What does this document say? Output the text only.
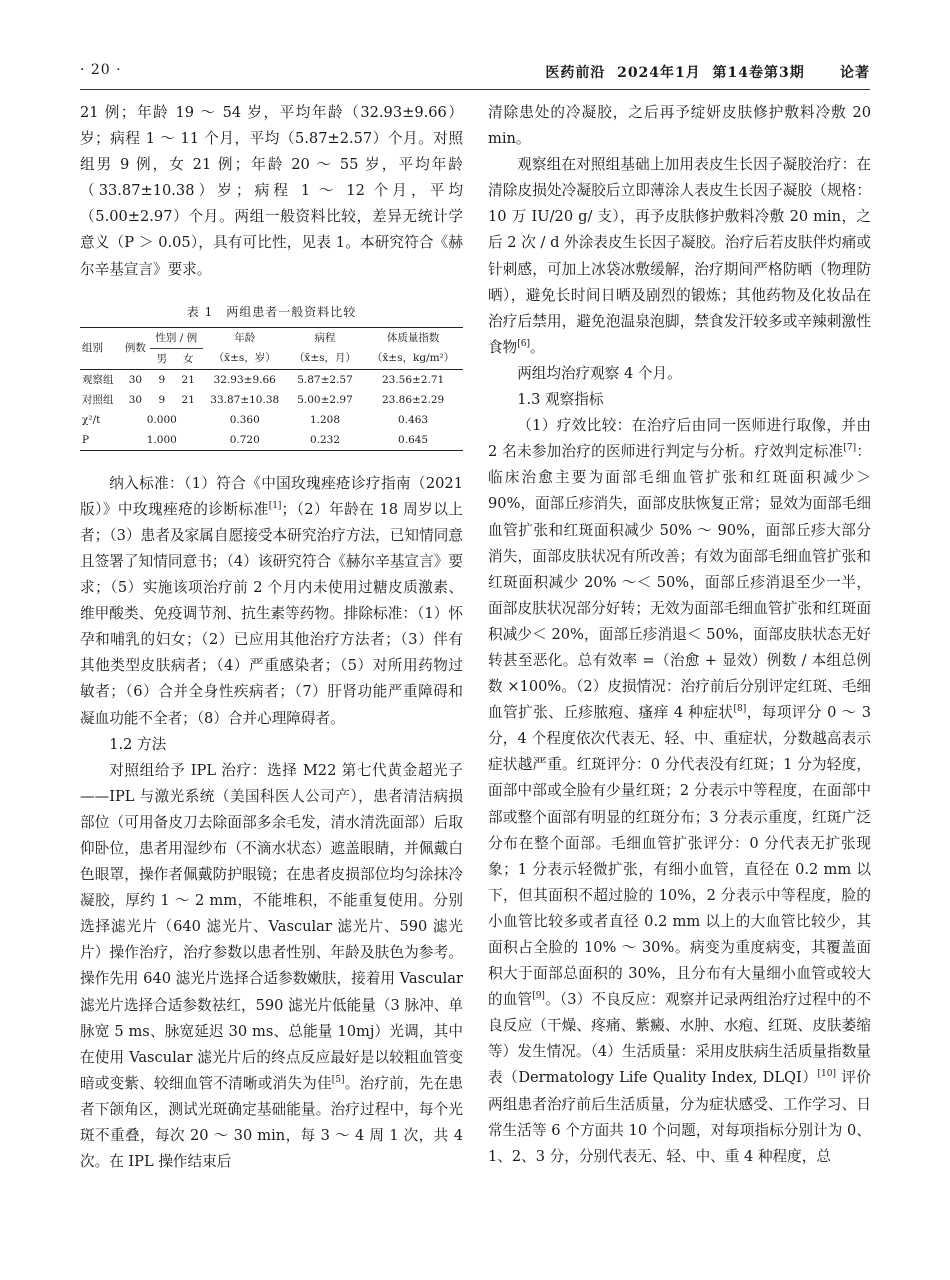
· 20 ·	医药前沿  2024年1月  第14卷第3期      论著

21 例；年龄 19 ～ 54 岁，平均年龄（32.93±9.66）岁；病程 1 ～ 11 个月，平均（5.87±2.57）个月。对照组男 9 例，女 21 例；年龄 20 ～ 55 岁，平均年龄（33.87±10.38）岁；病程 1 ～ 12 个月，平均（5.00±2.97）个月。两组一般资料比较，差异无统计学意义（P ＞ 0.05），具有可比性，见表 1。本研究符合《赫尔辛基宣言》要求。

表 1　两组患者一般资料比较
组别	例数	性别 / 例		年龄	病程	体质量指数
		男	女	（x̄±s，岁）	（x̄±s，月）	（x̄±s，kg/m²）
观察组	30	9	21	32.93±9.66	5.87±2.57	23.56±2.71
对照组	30	9	21	33.87±10.38	5.00±2.97	23.86±2.29
χ²/t	0.000			0.360	1.208	0.463
P	1.000			0.720	0.232	0.645

纳入标准：（1）符合《中国玫瑰痤疮诊疗指南（2021 版）》中玫瑰痤疮的诊断标准[1]；（2）年龄在 18 周岁以上者；（3）患者及家属自愿接受本研究治疗方法，已知情同意且签署了知情同意书；（4）该研究符合《赫尔辛基宣言》要求；（5）实施该项治疗前 2 个月内未使用过糖皮质激素、维甲酸类、免疫调节剂、抗生素等药物。排除标准：（1）怀孕和哺乳的妇女；（2）已应用其他治疗方法者；（3）伴有其他类型皮肤病者；（4）严重感染者；（5）对所用药物过敏者；（6）合并全身性疾病者；（7）肝肾功能严重障碍和凝血功能不全者；（8）合并心理障碍者。

1.2 方法

对照组给予 IPL 治疗：选择 M22 第七代黄金超光子——IPL 与激光系统（美国科医人公司产），患者清洁病损部位（可用备皮刀去除面部多余毛发，清水清洗面部）后取仰卧位，患者用湿纱布（不滴水状态）遮盖眼睛，并佩戴白色眼罩，操作者佩戴防护眼镜；在患者皮损部位均匀涂抹冷凝胶，厚约 1 ～ 2 mm，不能堆积，不能重复使用。分别选择滤光片（640 滤光片、Vascular 滤光片、590 滤光片）操作治疗，治疗参数以患者性别、年龄及肤色为参考。操作先用 640 滤光片选择合适参数嫩肤，接着用 Vascular 滤光片选择合适参数祛红，590 滤光片低能量（3 脉冲、单脉宽 5 ms、脉宽延迟 30 ms、总能量 10mj）光调，其中在使用 Vascular 滤光片后的终点反应最好是以较粗血管变暗或变紫、较细血管不清晰或消失为佳[5]。治疗前，先在患者下颌角区，测试光斑确定基础能量。治疗过程中，每个光斑不重叠，每次 20 ～ 30 min，每 3 ～ 4 周 1 次，共 4 次。在 IPL 操作结束后

清除患处的冷凝胶，之后再予绽妍皮肤修护敷料冷敷 20 min。

观察组在对照组基础上加用表皮生长因子凝胶治疗：在清除皮损处冷凝胶后立即薄涂人表皮生长因子凝胶（规格：10 万 IU/20 g/ 支），再予皮肤修护敷料冷敷 20 min，之后 2 次 / d 外涂表皮生长因子凝胶。治疗后若皮肤伴灼痛或针刺感，可加上冰袋冰敷缓解，治疗期间严格防晒（物理防晒），避免长时间日晒及剧烈的锻炼；其他药物及化妆品在治疗后禁用，避免泡温泉泡脚，禁食发汗较多或辛辣刺激性食物[6]。

两组均治疗观察 4 个月。

1.3 观察指标

（1）疗效比较：在治疗后由同一医师进行取像，并由 2 名未参加治疗的医师进行判定与分析。疗效判定标准[7]：临床治愈主要为面部毛细血管扩张和红斑面积减少＞ 90%，面部丘疹消失，面部皮肤恢复正常；显效为面部毛细血管扩张和红斑面积减少 50% ～ 90%，面部丘疹大部分消失，面部皮肤状况有所改善；有效为面部毛细血管扩张和红斑面积减少 20% ～＜ 50%，面部丘疹消退至少一半，面部皮肤状况部分好转；无效为面部毛细血管扩张和红斑面积减少＜ 20%，面部丘疹消退＜ 50%，面部皮肤状态无好转甚至恶化。总有效率 =（治愈 + 显效）例数 / 本组总例数 ×100%。（2）皮损情况：治疗前后分别评定红斑、毛细血管扩张、丘疹脓疱、瘙痒 4 种症状[8]，每项评分 0 ～ 3 分，4 个程度依次代表无、轻、中、重症状，分数越高表示症状越严重。红斑评分：0 分代表没有红斑；1 分为轻度，面部中部或全脸有少量红斑；2 分表示中等程度，在面部中部或整个面部有明显的红斑分布；3 分表示重度，红斑广泛分布在整个面部。毛细血管扩张评分：0 分代表无扩张现象；1 分表示轻微扩张，有细小血管，直径在 0.2 mm 以下，但其面积不超过脸的 10%，2 分表示中等程度，脸的小血管比较多或者直径 0.2 mm 以上的大血管比较少，其面积占全脸的 10% ～ 30%。病变为重度病变，其覆盖面积大于面部总面积的 30%，且分布有大量细小血管或较大的血管[9]。（3）不良反应：观察并记录两组治疗过程中的不良反应（干燥、疼痛、紫癜、水肿、水疱、红斑、皮肤萎缩等）发生情况。（4）生活质量：采用皮肤病生活质量指数量表（Dermatology Life Quality Index, DLQI）[10] 评价两组患者治疗前后生活质量，分为症状感受、工作学习、日常生活等 6 个方面共 10 个问题，对每项指标分别计为 0、1、2、3 分，分别代表无、轻、中、重 4 种程度，总
